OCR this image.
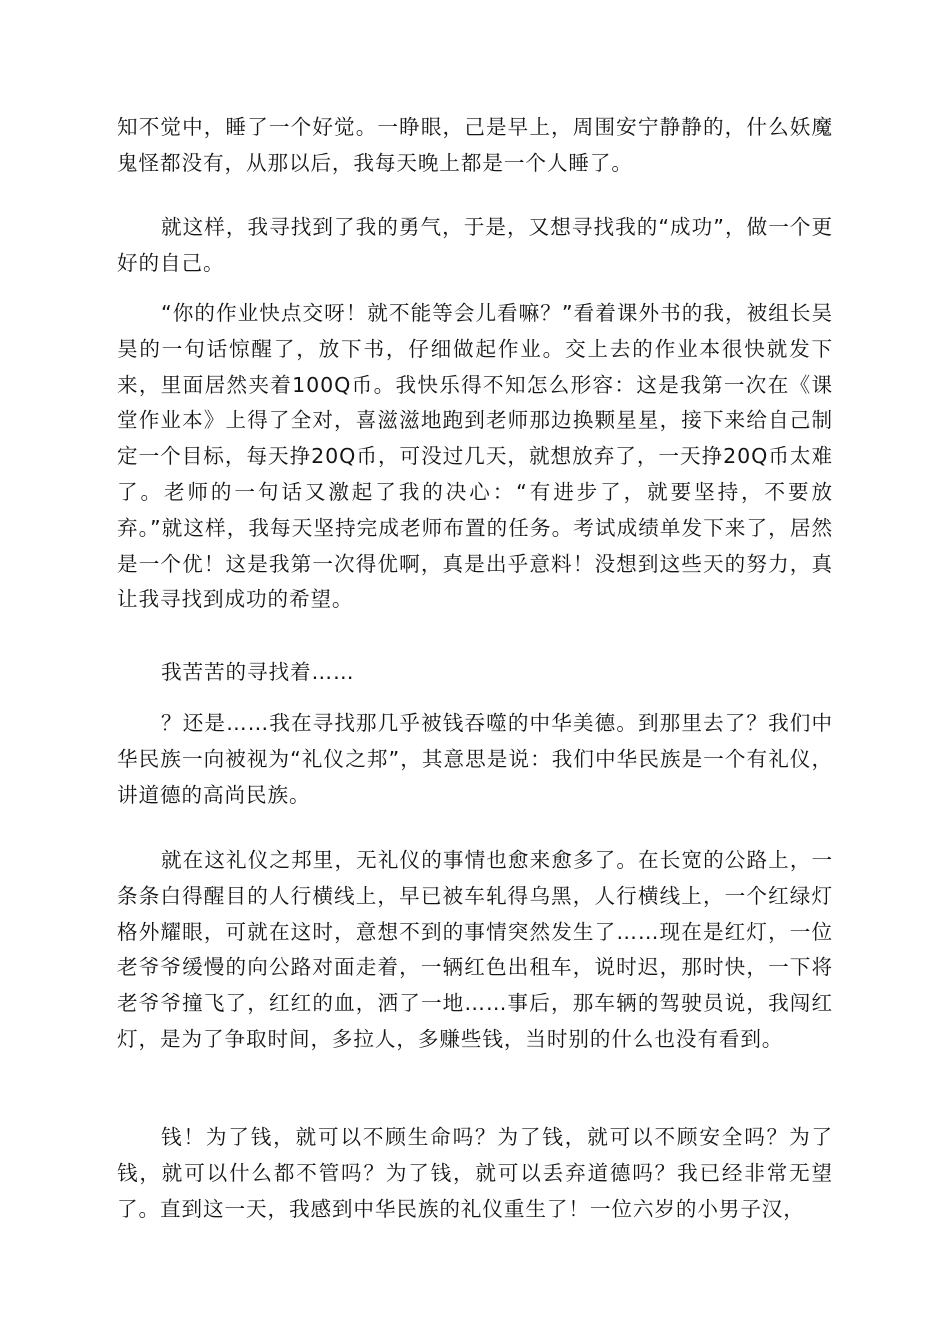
知不觉中，睡了一个好觉。一睁眼，己是早上，周围安宁静静的，什么妖魔鬼怪都没有，从那以后，我每天晚上都是一个人睡了。

就这样，我寻找到了我的勇气，于是，又想寻找我的“成功”，做一个更好的自己。

“你的作业快点交呀！就不能等会儿看嘛？”看着课外书的我，被组长吴昊的一句话惊醒了，放下书，仔细做起作业。交上去的作业本很快就发下来，里面居然夹着100Q币。我快乐得不知怎么形容：这是我第一次在《课堂作业本》上得了全对，喜滋滋地跑到老师那边换颗星星，接下来给自己制定一个目标，每天挣20Q币，可没过几天，就想放弃了，一天挣20Q币太难了。老师的一句话又激起了我的决心：“有进步了，就要坚持，不要放弃。”就这样，我每天坚持完成老师布置的任务。考试成绩单发下来了，居然是一个优！这是我第一次得优啊，真是出乎意料！没想到这些天的努力，真让我寻找到成功的希望。

我苦苦的寻找着……

？还是……我在寻找那几乎被钱吞噬的中华美德。到那里去了？我们中华民族一向被视为“礼仪之邦”，其意思是说：我们中华民族是一个有礼仪，讲道德的高尚民族。

就在这礼仪之邦里，无礼仪的事情也愈来愈多了。在长宽的公路上，一条条白得醒目的人行横线上，早已被车轧得乌黑，人行横线上，一个红绿灯格外耀眼，可就在这时，意想不到的事情突然发生了……现在是红灯，一位老爷爷缓慢的向公路对面走着，一辆红色出租车，说时迟，那时快，一下将老爷爷撞飞了，红红的血，洒了一地……事后，那车辆的驾驶员说，我闯红灯，是为了争取时间，多拉人，多赚些钱，当时别的什么也没有看到。

钱！为了钱，就可以不顾生命吗？为了钱，就可以不顾安全吗？为了钱，就可以什么都不管吗？为了钱，就可以丢弃道德吗？我已经非常无望了。直到这一天，我感到中华民族的礼仪重生了！一位六岁的小男子汉，
